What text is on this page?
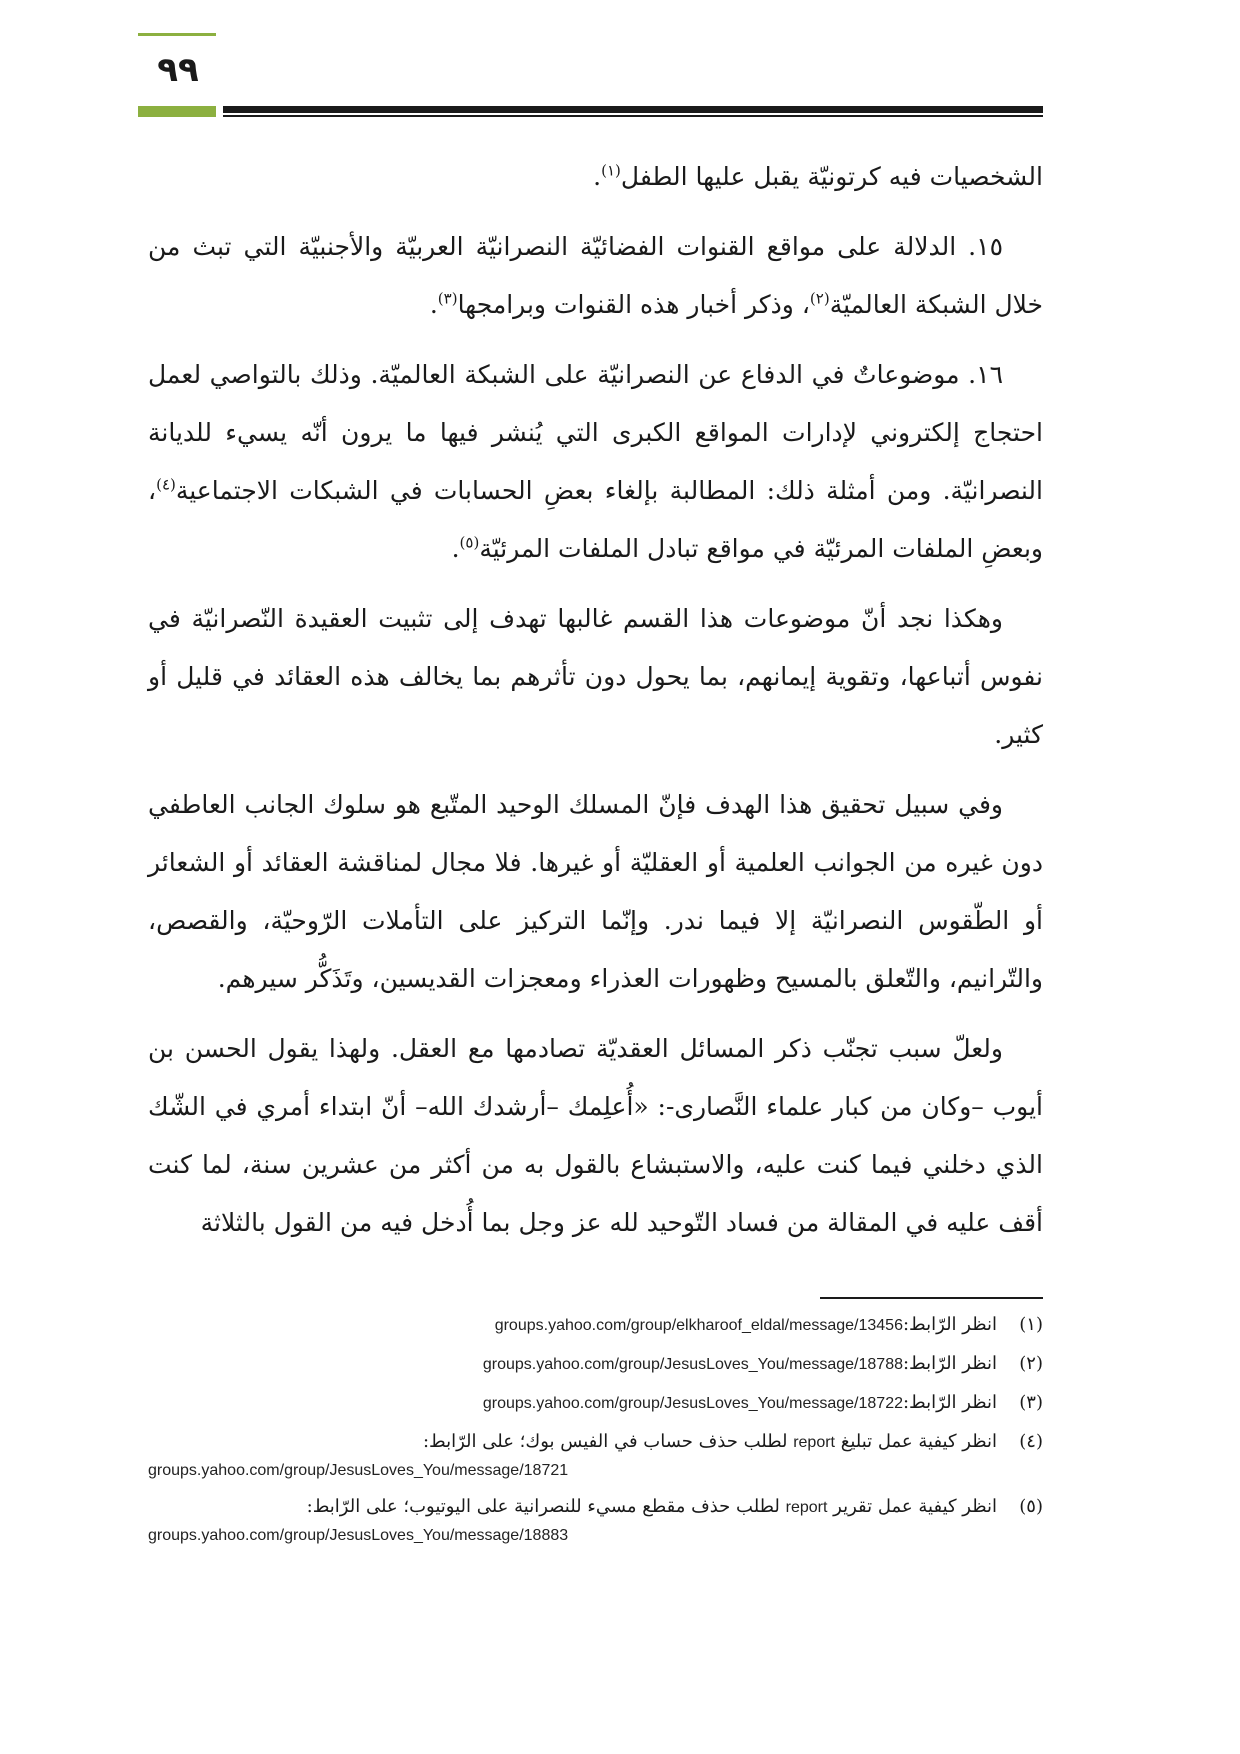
٩٩

الشخصيات فيه كرتونيّة يقبل عليها الطفل$^{(١)}$.

١٥. الدلالة على مواقع القنوات الفضائيّة النصرانيّة العربيّة والأجنبيّة التي تبث من خلال الشبكة العالميّة$^{(٢)}$، وذكر أخبار هذه القنوات وبرامجها$^{(٣)}$.

١٦. موضوعاتٌ في الدفاع عن النصرانيّة على الشبكة العالميّة. وذلك بالتواصي لعمل احتجاج إلكتروني لإدارات المواقع الكبرى التي يُنشر فيها ما يرون أنّه يسيء للديانة النصرانيّة. ومن أمثلة ذلك: المطالبة بإلغاء بعضِ الحسابات في الشبكات الاجتماعية$^{(٤)}$، وبعضِ الملفات المرئيّة في مواقع تبادل الملفات المرئيّة$^{(٥)}$.

وهكذا نجد أنّ موضوعات هذا القسم غالبها تهدف إلى تثبيت العقيدة النّصرانيّة في نفوس أتباعها، وتقوية إيمانهم، بما يحول دون تأثرهم بما يخالف هذه العقائد في قليل أو كثير.

وفي سبيل تحقيق هذا الهدف فإنّ المسلك الوحيد المتّبع هو سلوك الجانب العاطفي دون غيره من الجوانب العلمية أو العقليّة أو غيرها. فلا مجال لمناقشة العقائد أو الشعائر أو الطّقوس النصرانيّة إلا فيما ندر. وإنّما التركيز على التأملات الرّوحيّة، والقصص، والتّرانيم، والتّعلق بالمسيح وظهورات العذراء ومعجزات القديسين، وتَذَكُّر سيرهم.

ولعلّ سبب تجنّب ذكر المسائل العقديّة تصادمها مع العقل. ولهذا يقول الحسن بن أيوب –وكان من كبار علماء النَّصارى-: «أُعلِمك –أرشدك الله– أنّ ابتداء أمري في الشّك الذي دخلني فيما كنت عليه، والاستبشاع بالقول به من أكثر من عشرين سنة، لما كنت أقف عليه في المقالة من فساد التّوحيد لله عز وجل بما أُدخل فيه من القول بالثلاثة

(١)
انظر الرّابط:groups.yahoo.com/group/elkharoof_eldal/message/13456
(٢)
انظر الرّابط:groups.yahoo.com/group/JesusLoves_You/message/18788
(٣)
انظر الرّابط:groups.yahoo.com/group/JesusLoves_You/message/18722
(٤)
انظر كيفية عمل تبليغ report لطلب حذف حساب في الفيس بوك؛ على الرّابط:
groups.yahoo.com/group/JesusLoves_You/message/18721
(٥)
انظر كيفية عمل تقرير report لطلب حذف مقطع مسيء للنصرانية على اليوتيوب؛ على الرّابط:
groups.yahoo.com/group/JesusLoves_You/message/18883
